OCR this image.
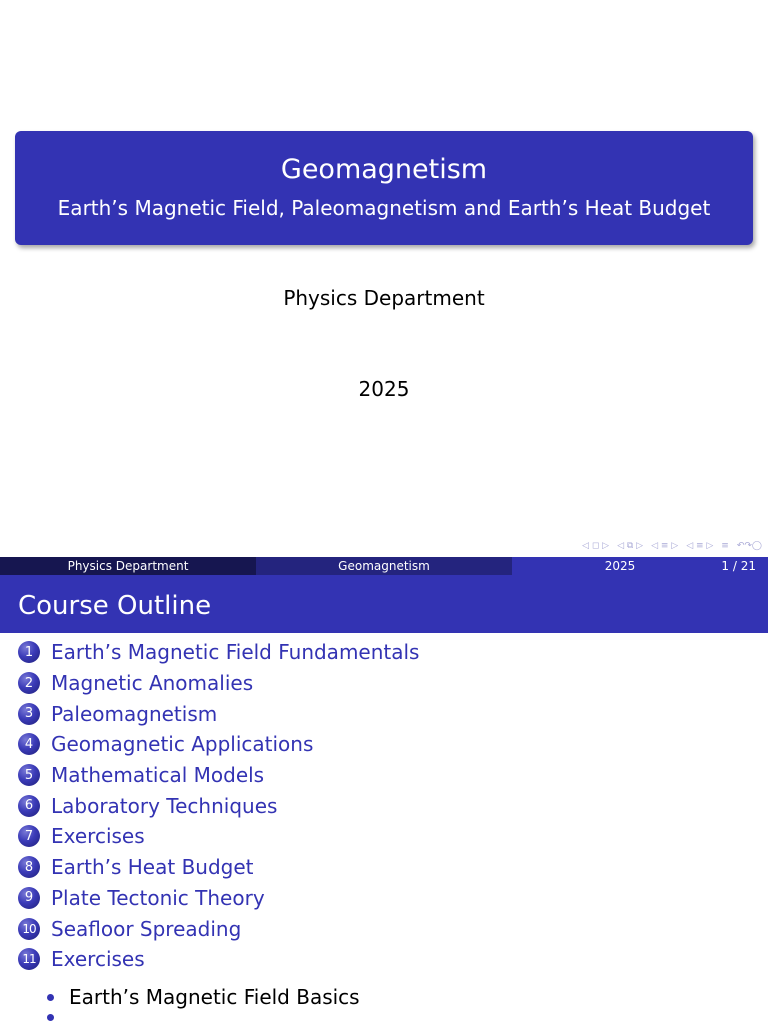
Geomagnetism
Earth’s Magnetic Field, Paleomagnetism and Earth’s Heat Budget
Physics Department
2025
◁ ◻ ▷ ◁ ⧉ ▷ ◁ ≡ ▷ ◁ ≡ ▷ ≡ ↶↷◯
Physics Department	Geomagnetism	2025	1 / 21
Course Outline
1 Earth’s Magnetic Field Fundamentals
2 Magnetic Anomalies
3 Paleomagnetism
4 Geomagnetic Applications
5 Mathematical Models
6 Laboratory Techniques
7 Exercises
8 Earth’s Heat Budget
9 Plate Tectonic Theory
10 Seafloor Spreading
11 Exercises
Earth’s Magnetic Field Basics
